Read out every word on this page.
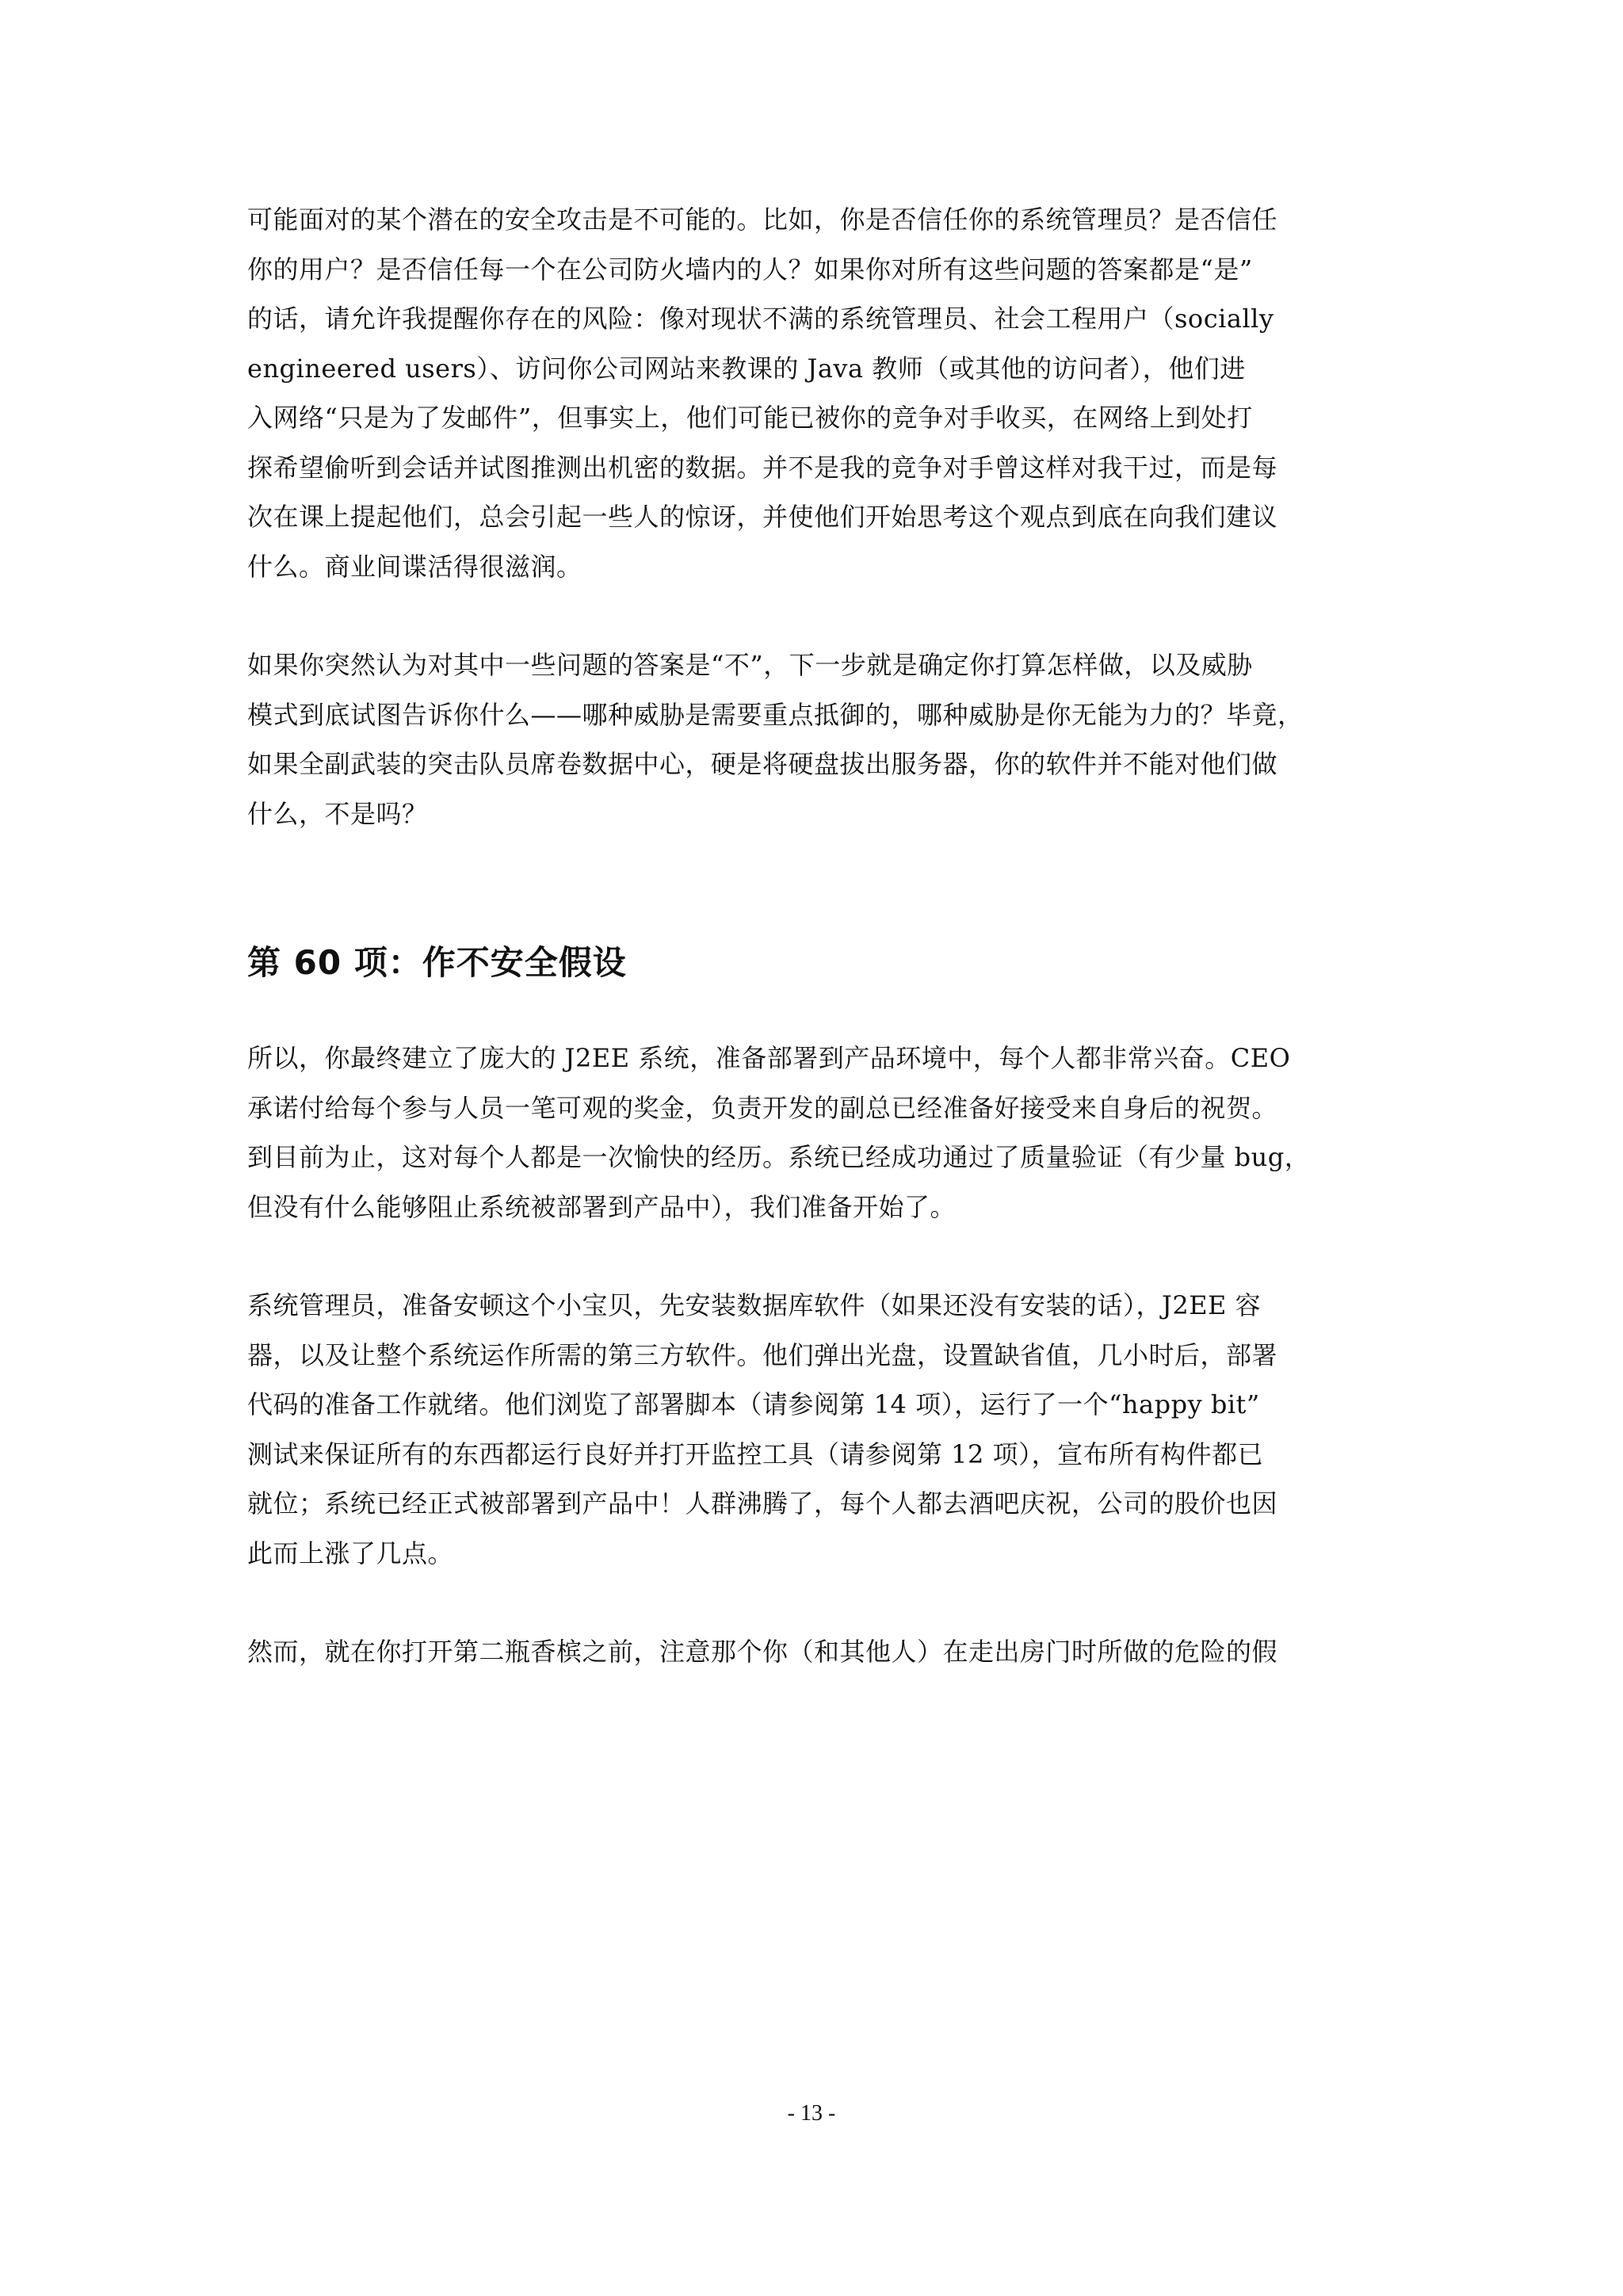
可能面对的某个潜在的安全攻击是不可能的。比如，你是否信任你的系统管理员？是否信任
你的用户？是否信任每一个在公司防火墙内的人？如果你对所有这些问题的答案都是“是”
的话，请允许我提醒你存在的风险：像对现状不满的系统管理员、社会工程用户（socially
engineered users）、访问你公司网站来教课的 Java 教师（或其他的访问者），他们进
入网络“只是为了发邮件”，但事实上，他们可能已被你的竞争对手收买，在网络上到处打
探希望偷听到会话并试图推测出机密的数据。并不是我的竞争对手曾这样对我干过，而是每
次在课上提起他们，总会引起一些人的惊讶，并使他们开始思考这个观点到底在向我们建议
什么。商业间谍活得很滋润。

如果你突然认为对其中一些问题的答案是“不”，下一步就是确定你打算怎样做，以及威胁
模式到底试图告诉你什么——哪种威胁是需要重点抵御的，哪种威胁是你无能为力的？毕竟，
如果全副武装的突击队员席卷数据中心，硬是将硬盘拔出服务器，你的软件并不能对他们做
什么，不是吗？

第 60 项：作不安全假设

所以，你最终建立了庞大的 J2EE 系统，准备部署到产品环境中，每个人都非常兴奋。CEO
承诺付给每个参与人员一笔可观的奖金，负责开发的副总已经准备好接受来自身后的祝贺。
到目前为止，这对每个人都是一次愉快的经历。系统已经成功通过了质量验证（有少量 bug，
但没有什么能够阻止系统被部署到产品中），我们准备开始了。

系统管理员，准备安顿这个小宝贝，先安装数据库软件（如果还没有安装的话），J2EE 容
器，以及让整个系统运作所需的第三方软件。他们弹出光盘，设置缺省值，几小时后，部署
代码的准备工作就绪。他们浏览了部署脚本（请参阅第 14 项），运行了一个“happy bit”
测试来保证所有的东西都运行良好并打开监控工具（请参阅第 12 项），宣布所有构件都已
就位；系统已经正式被部署到产品中！人群沸腾了，每个人都去酒吧庆祝，公司的股价也因
此而上涨了几点。

然而，就在你打开第二瓶香槟之前，注意那个你（和其他人）在走出房门时所做的危险的假

- 13 -
